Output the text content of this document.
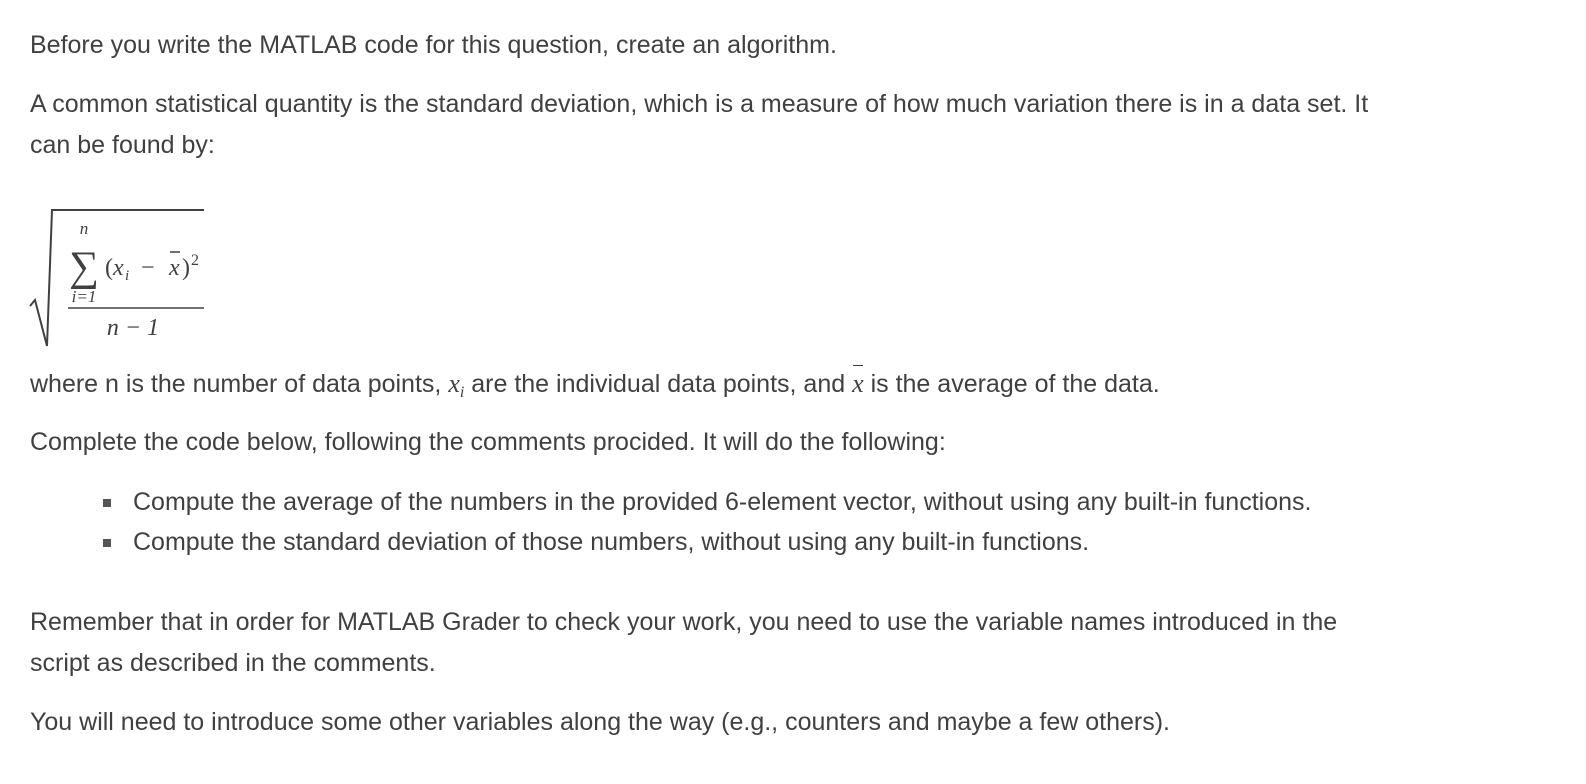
Before you write the MATLAB code for this question, create an algorithm.

A common statistical quantity is the standard deviation, which is a measure of how much variation there is in a data set. It
can be found by:

n
∑
i=1
( x i − x ) 2
n − 1

where n is the number of data points, $x_i$ are the individual data points, and x is the average of the data.

Complete the code below, following the comments procided. It will do the following:

Compute the average of the numbers in the provided 6-element vector, without using any built-in functions.
Compute the standard deviation of those numbers, without using any built-in functions.

Remember that in order for MATLAB Grader to check your work, you need to use the variable names introduced in the
script as described in the comments.

You will need to introduce some other variables along the way (e.g., counters and maybe a few others).
